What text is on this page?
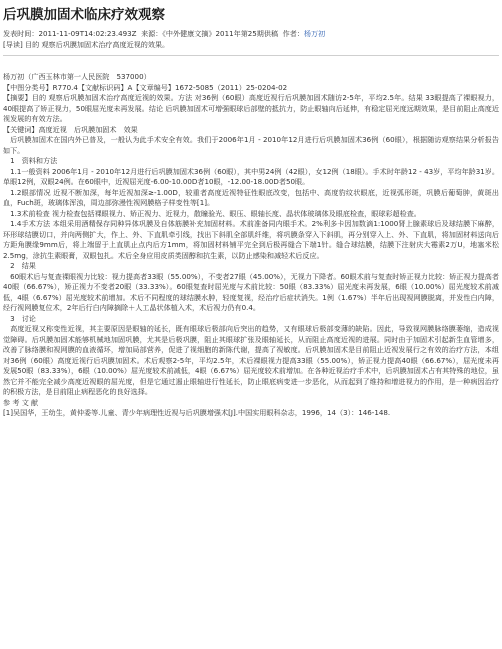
后巩膜加固术临床疗效观察
发表时间：2011-11-09T14:02:23.493Z 来源：《中外健康文摘》2011年第25期供稿 作者：杨万初
[导读] 目的 观察后巩膜加固术治疗高度近视的效果。

杨万初（广西玉林市第一人民医院　537000）

【中图分类号】R770.4【文献标识码】A【文章编号】1672-5085（2011）25-0204-02

【摘要】目的 观察后巩膜加固术治疗高度近视的效果。方法 对36例（60眼）高度近视行后巩膜加固术随访2-5年，平均2.5年。结果 33眼提高了裸眼视力，40眼提高了矫正视力，50眼屈光度未再发展。结论 后巩膜加固术可增强眼球后部壁的抵抗力，防止眼轴向后延伸，有稳定屈光度远期效果，是目前阻止高度近视发展的有效方法。

【关键词】高度近视　后巩膜加固术　效果

后巩膜加固术在国内外已普及，一般认为此手术安全有效。我们于2006年1月 - 2010年12月进行后巩膜加固术36例（60眼），根据随访观察结果分析报告如下。

1　资料和方法

1.1一般资料 2006年1月 - 2010年12月进行后巩膜加固术36例（60眼），其中男24例（42眼），女12例（18眼）。手术时年龄12 - 43岁，平均年龄31岁。单眼12例，双眼24例。在60眼中，近视屈光度-6.00-10.00D者10眼，-12.00-18.00D者50眼。

1.2眼部情况 近视不断加深，每年近视加深≥-1.00D，较重者高度近视特征性眼底改变，包括中、高度豹纹状眼底，近视弧形斑，巩膜后葡萄肿，黄斑出血，Fuch斑，玻璃体浑浊，周边部弥漫性视网膜格子样变性等[1]。

1.3术前检查 视力检查包括裸眼视力、矫正视力、近视力，散瞳验光、眼压、眼轴长度、晶状体玻璃体及眼底检查，眼球彩超检查。

1.4手术方法 本组采用酒精保存同种异体巩膜及自体筋膜补充加固材料。术前准备同内眼手术。2%利多卡因加数滴1:1000肾上腺素球后及球结膜下麻醉，环形球结膜切口，并向两侧扩大，作上、外、下直肌牵引线，找出下斜肌全部肌纤维，将巩膜条穿入下斜肌，再分别穿入上、外、下直肌，将加固材料送向后方距角膜缘9mm后，将上端留于上直肌止点内后方1mm，将加固材料铺平完全到后极再缝合下端1针。缝合球结膜，结膜下注射庆大霉素2万U，地塞米松2.5mg，涂抗生素眼膏，双眼包扎。术后全身应用皮质类固醇和抗生素，以防止感染和减轻术后反应。

2　结果

60眼术后与复查裸眼视力比较：视力提高者33眼（55.00%），不变者27眼（45.00%），无视力下降者。60眼术前与复查时矫正视力比较：矫正视力提高者40眼（66.67%），矫正视力不变者20眼（33.33%）。60眼复查时屈光度与术前比较：50眼（83.33%）屈光度未再发展，6眼（10.00%）屈光度较术前减低，4眼（6.67%）屈光度较术前增加。术后不同程度的球结膜水肿，轻度复视，经治疗后症状消失。1例（1.67%）半年后出现视网膜脱离，并发性白内障，经行视网膜复位术，2年后行白内障摘除＋人工晶状体植入术，术后视力仍有0.4。

3　讨论

高度近视又称变性近视，其主要原因是眼轴的延长，既有眼球后极部向后突出的趋势，又有眼球后极部变薄的缺陷。因此，导致视网膜脉络膜萎缩，造成视觉障碍。后巩膜加固术能够机械地加固巩膜，尤其是后极巩膜，阻止其眼球扩张及眼轴延长，从而阻止高度近视的进展。同时由于加固术引起新生血管增多，改善了脉络膜和视网膜的血液循环，增加局部营养，促进了视细胞的新陈代谢，提高了视敏度。后巩膜加固术是目前阻止近视发展行之有效的治疗方法，本组对36例（60眼）高度近视行后巩膜加固术。术后观察2-5年，平均2.5年，术后裸眼视力提高33眼（55.00%），矫正视力提高40眼（66.67%），屈光度未再发展50眼（83.33%），6眼（10.00%）屈光度较术前减低，4眼（6.67%）屈光度较术前增加。在各种近视治疗手术中，后巩膜加固术占有其特殊的地位，虽然它并不能完全减少高度近视眼的屈光度，但是它通过遏止眼轴进行性延长，防止眼底病变进一步恶化，从而起到了维持和增进视力的作用，是一种病因治疗的积极方法，是目前阻止病程恶化的良好选择。

参 考 文 献

[1]吴国华，王幼生，黄仲委等.儿童、青少年病理性近视与后巩膜增强术[J].中国实用眼科杂志，1996，14（3）：146-148.
